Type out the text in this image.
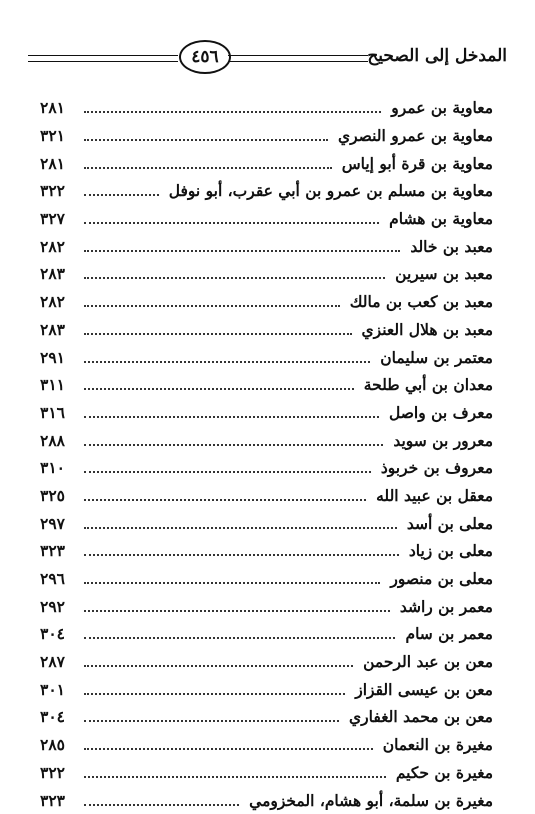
٤٥٦	المدخل إلى الصحيح
معاوية بن عمرو
٢٨١
معاوية بن عمرو النصري
٣٢١
معاوية بن قرة أبو إياس
٢٨١
معاوية بن مسلم بن عمرو بن أبي عقرب، أبو نوفل
٣٢٢
معاوية بن هشام
٣٢٧
معبد بن خالد
٢٨٢
معبد بن سيرين
٢٨٣
معبد بن كعب بن مالك
٢٨٢
معبد بن هلال العنزي
٢٨٣
معتمر بن سليمان
٢٩١
معدان بن أبي طلحة
٣١١
معرف بن واصل
٣١٦
معرور بن سويد
٢٨٨
معروف بن خربوذ
٣١٠
معقل بن عبيد الله
٣٢٥
معلى بن أسد
٢٩٧
معلى بن زياد
٣٢٣
معلى بن منصور
٢٩٦
معمر بن راشد
٢٩٢
معمر بن سام
٣٠٤
معن بن عبد الرحمن
٢٨٧
معن بن عيسى القزاز
٣٠١
معن بن محمد الغفاري
٣٠٤
مغيرة بن النعمان
٢٨٥
مغيرة بن حكيم
٣٢٢
مغيرة بن سلمة، أبو هشام، المخزومي
٣٢٣
